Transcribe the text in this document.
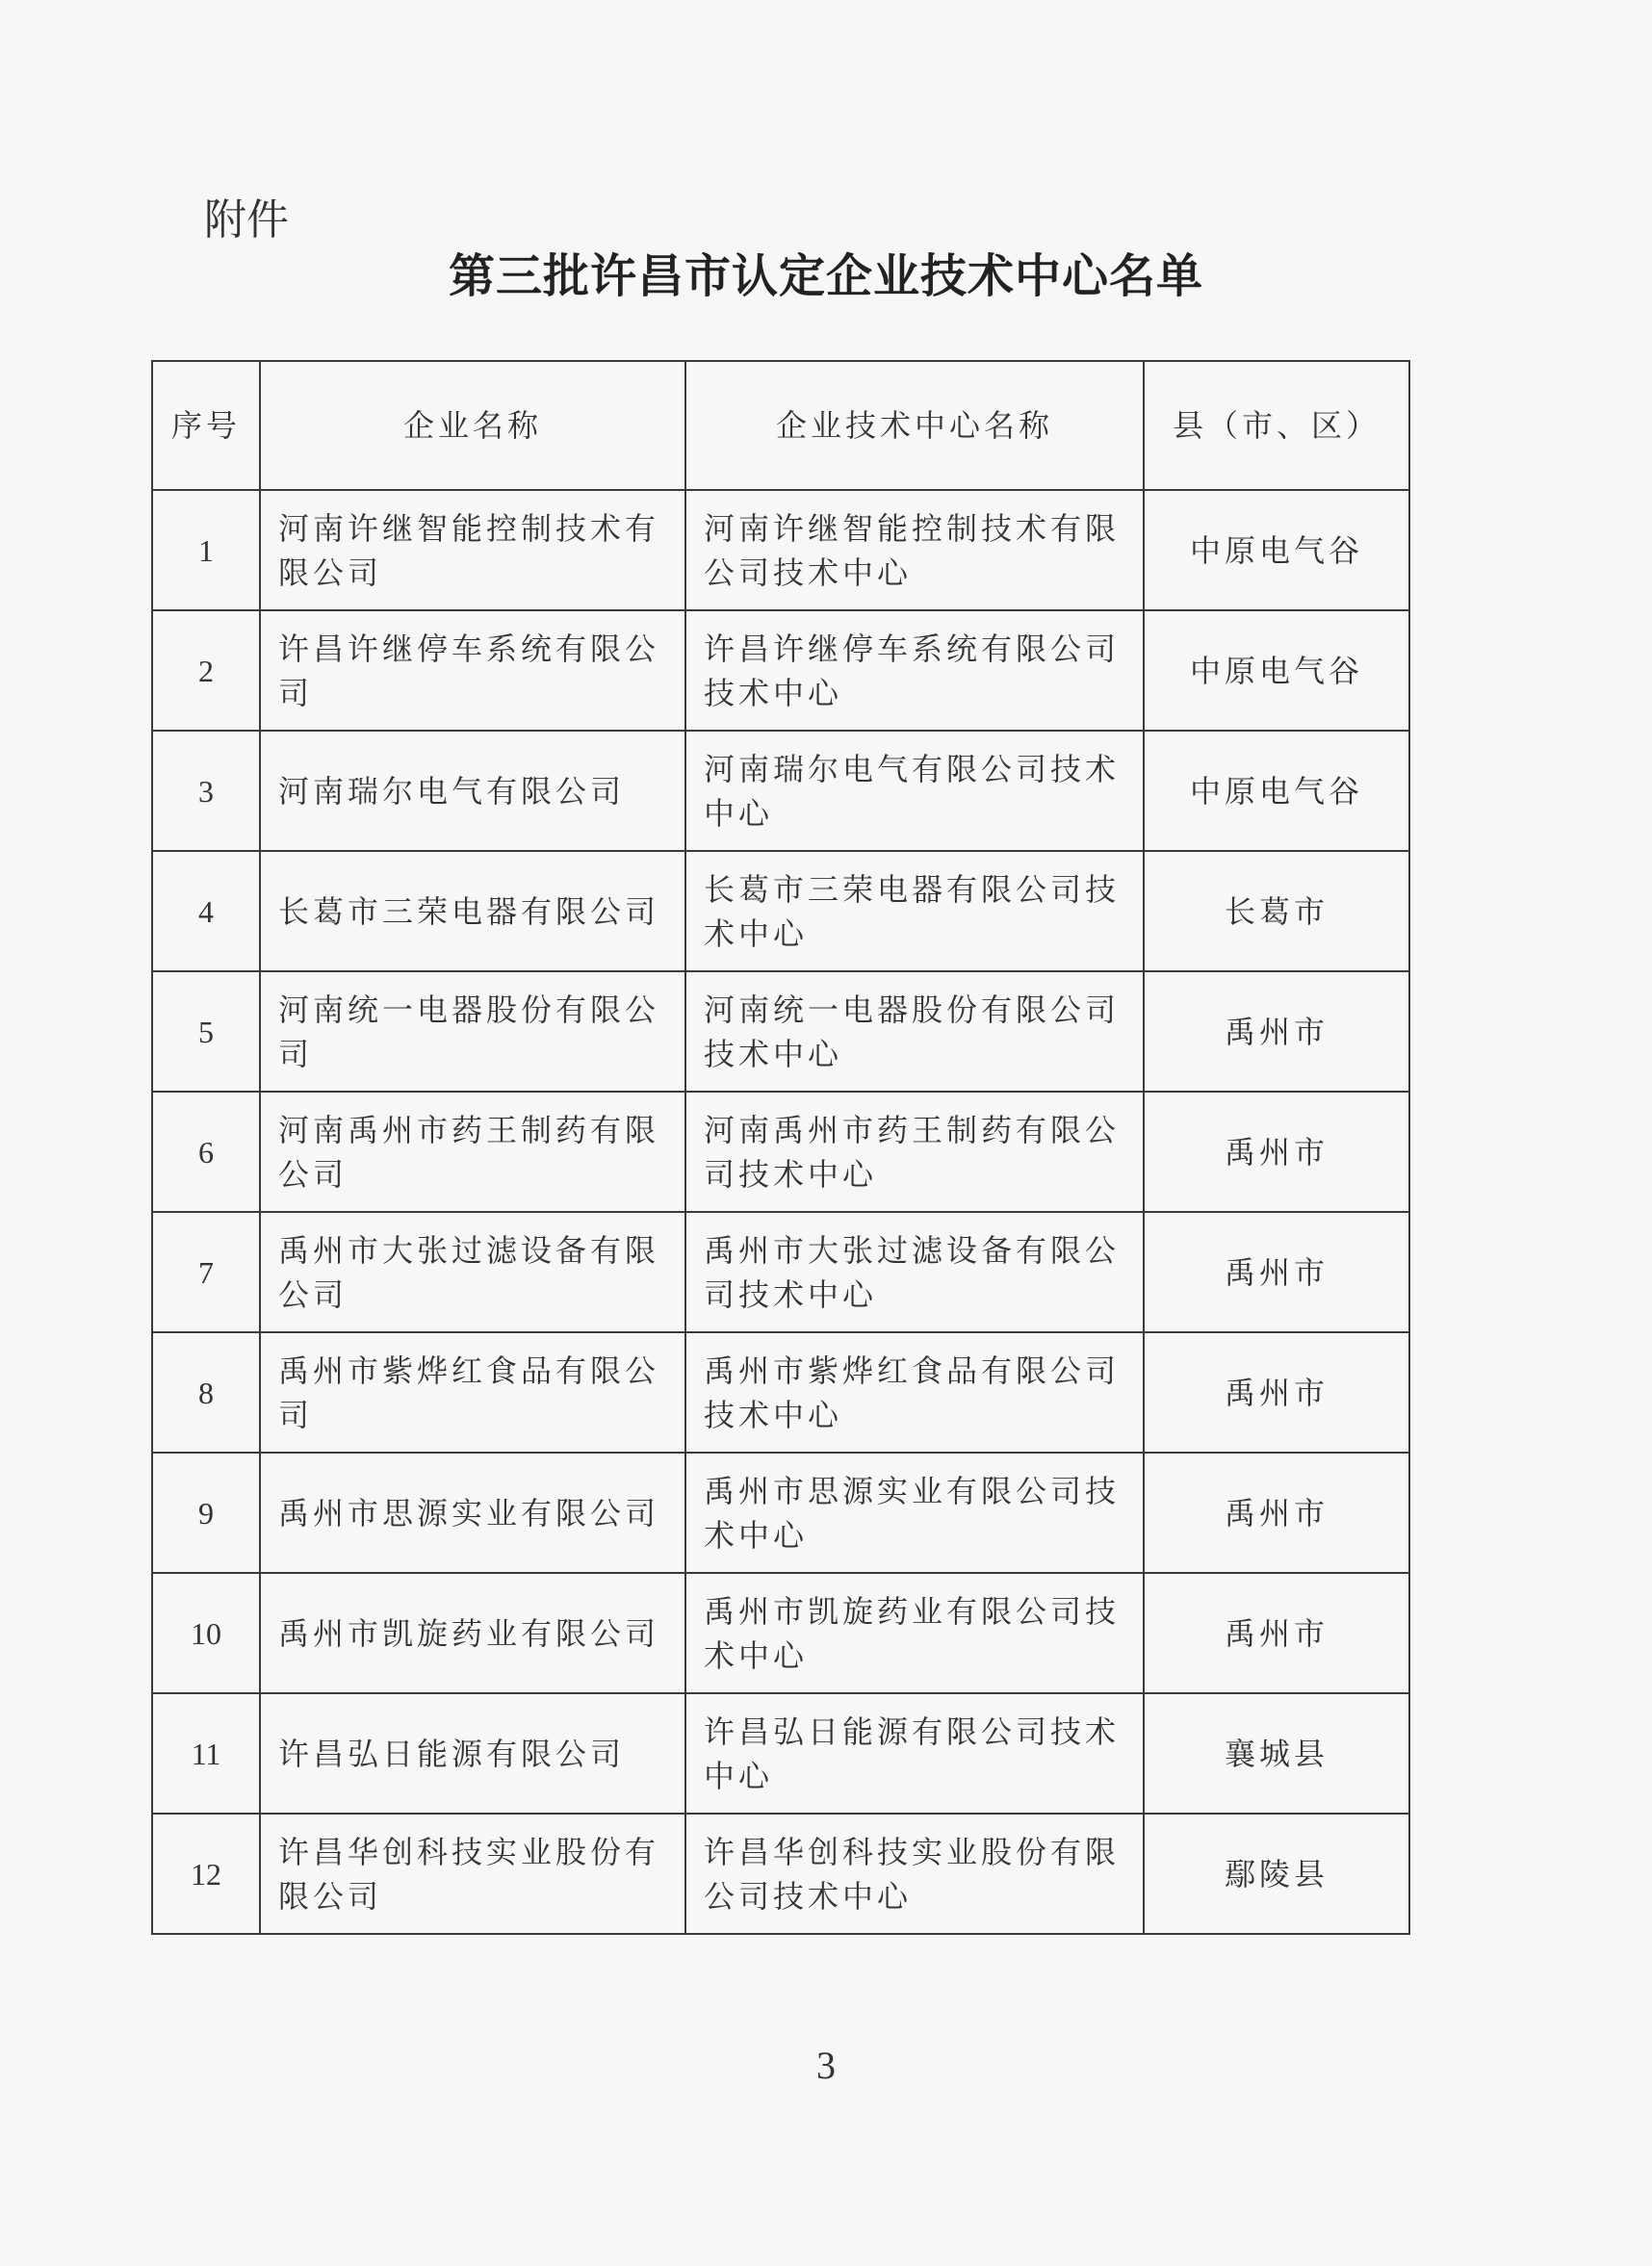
附件
第三批许昌市认定企业技术中心名单
序号	企业名称	企业技术中心名称	县（市、区）
1	河南许继智能控制技术有限公司	河南许继智能控制技术有限公司技术中心	中原电气谷
2	许昌许继停车系统有限公司	许昌许继停车系统有限公司技术中心	中原电气谷
3	河南瑞尔电气有限公司	河南瑞尔电气有限公司技术中心	中原电气谷
4	长葛市三荣电器有限公司	长葛市三荣电器有限公司技术中心	长葛市
5	河南统一电器股份有限公司	河南统一电器股份有限公司技术中心	禹州市
6	河南禹州市药王制药有限公司	河南禹州市药王制药有限公司技术中心	禹州市
7	禹州市大张过滤设备有限公司	禹州市大张过滤设备有限公司技术中心	禹州市
8	禹州市紫烨红食品有限公司	禹州市紫烨红食品有限公司技术中心	禹州市
9	禹州市思源实业有限公司	禹州市思源实业有限公司技术中心	禹州市
10	禹州市凯旋药业有限公司	禹州市凯旋药业有限公司技术中心	禹州市
11	许昌弘日能源有限公司	许昌弘日能源有限公司技术中心	襄城县
12	许昌华创科技实业股份有限公司	许昌华创科技实业股份有限公司技术中心	鄢陵县
3
